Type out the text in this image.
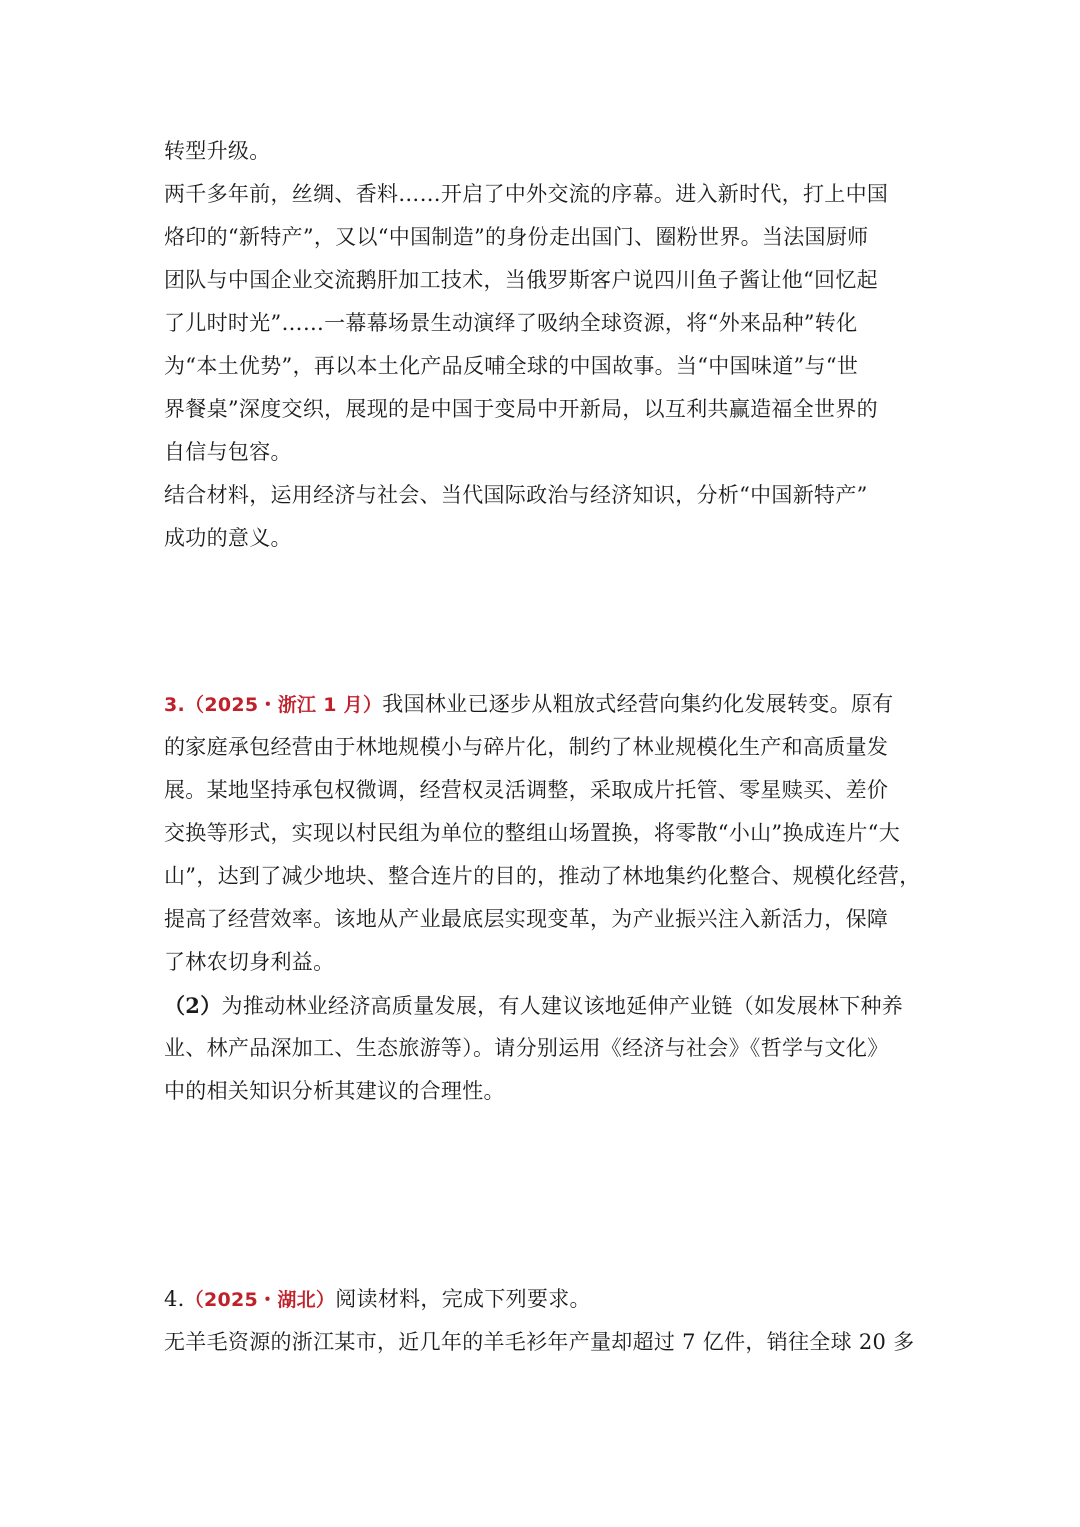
转型升级。
两千多年前，丝绸、香料……开启了中外交流的序幕。进入新时代，打上中国
烙印的“新特产”，又以“中国制造”的身份走出国门、圈粉世界。当法国厨师
团队与中国企业交流鹅肝加工技术，当俄罗斯客户说四川鱼子酱让他“回忆起
了儿时时光”……一幕幕场景生动演绎了吸纳全球资源，将“外来品种”转化
为“本土优势”，再以本土化产品反哺全球的中国故事。当“中国味道”与“世
界餐桌”深度交织，展现的是中国于变局中开新局，以互利共赢造福全世界的
自信与包容。
结合材料，运用经济与社会、当代国际政治与经济知识，分析“中国新特产”
成功的意义。
3.（2025・浙江 1 月）我国林业已逐步从粗放式经营向集约化发展转变。原有
的家庭承包经营由于林地规模小与碎片化，制约了林业规模化生产和高质量发
展。某地坚持承包权微调，经营权灵活调整，采取成片托管、零星赎买、差价
交换等形式，实现以村民组为单位的整组山场置换，将零散“小山”换成连片“大
山”，达到了减少地块、整合连片的目的，推动了林地集约化整合、规模化经营，
提高了经营效率。该地从产业最底层实现变革，为产业振兴注入新活力，保障
了林农切身利益。
（2）为推动林业经济高质量发展，有人建议该地延伸产业链（如发展林下种养
业、林产品深加工、生态旅游等）。请分别运用《经济与社会》《哲学与文化》
中的相关知识分析其建议的合理性。
4.（2025・湖北）阅读材料，完成下列要求。
无羊毛资源的浙江某市，近几年的羊毛衫年产量却超过 7 亿件，销往全球 20 多
